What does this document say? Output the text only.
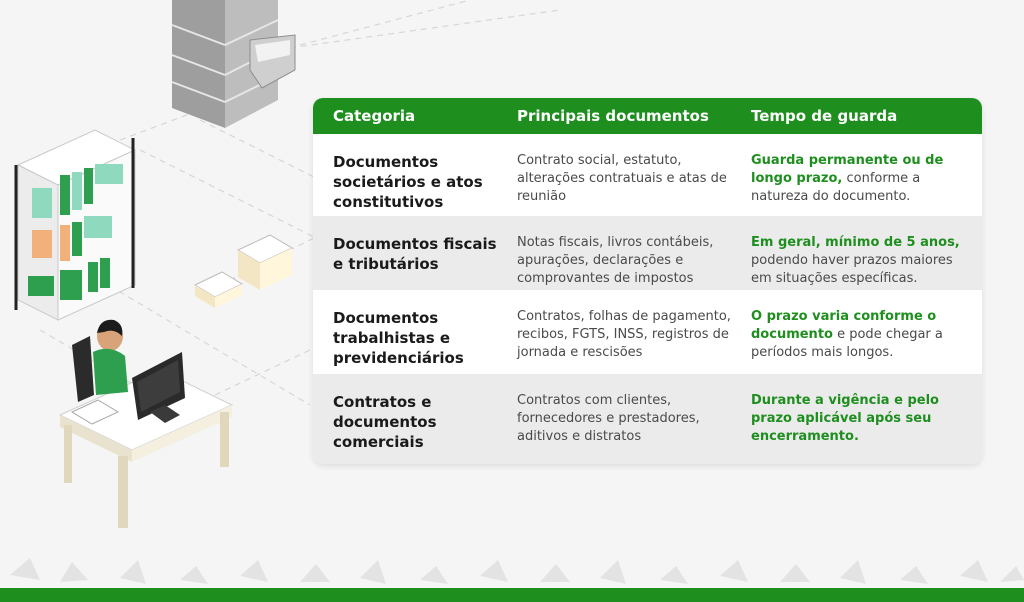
Categoria	Principais documentos	Tempo de guarda
Documentos societários e atos constitutivos
Contrato social, estatuto, alterações contratuais e atas de reunião
Guarda permanente ou de longo prazo, conforme a natureza do documento.
Documentos fiscais e tributários
Notas fiscais, livros contábeis, apurações, declarações e comprovantes de impostos
Em geral, mínimo de 5 anos, podendo haver prazos maiores em situações específicas.
Documentos trabalhistas e previdenciários
Contratos, folhas de pagamento, recibos, FGTS, INSS, registros de jornada e rescisões
O prazo varia conforme o documento e pode chegar a períodos mais longos.
Contratos e documentos comerciais
Contratos com clientes, fornecedores e prestadores, aditivos e distratos
Durante a vigência e pelo prazo aplicável após seu encerramento.
